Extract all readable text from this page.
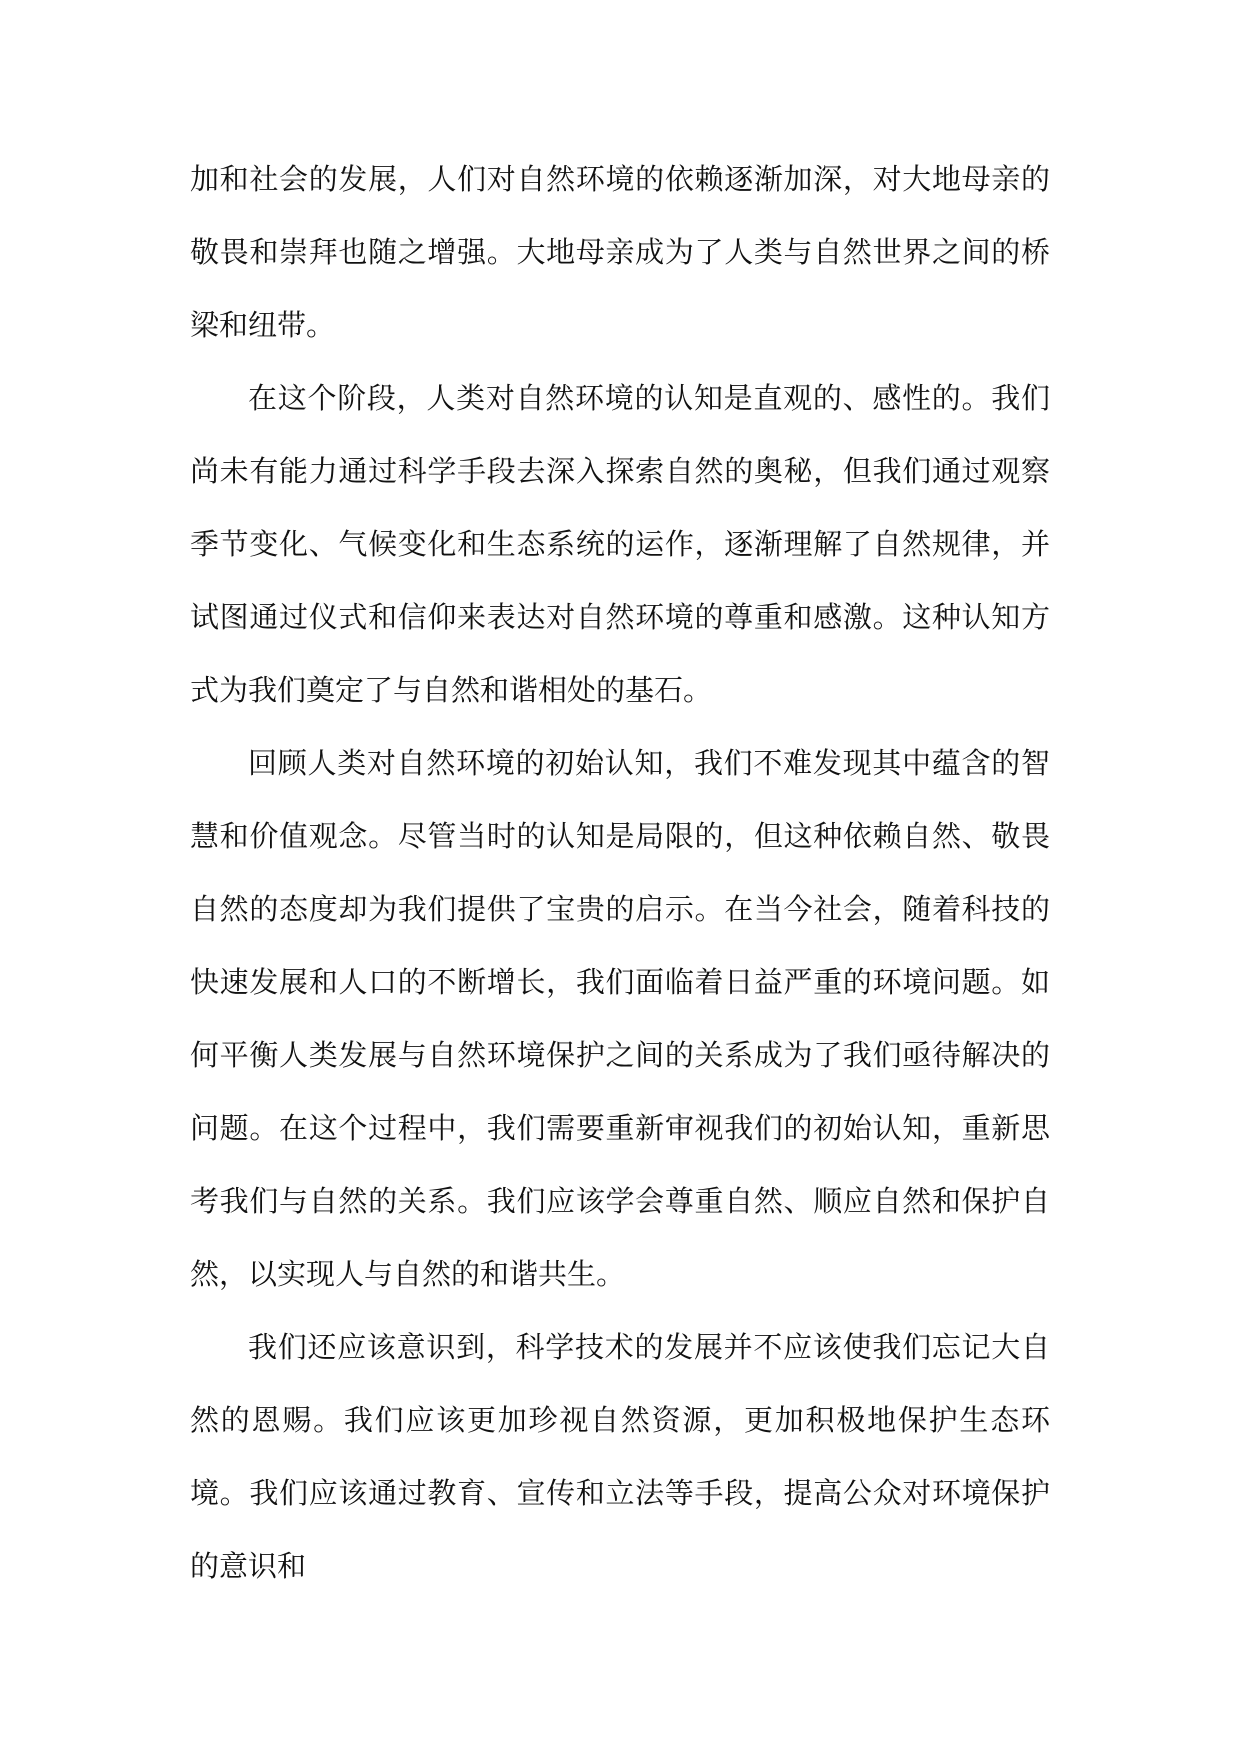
加和社会的发展，人们对自然环境的依赖逐渐加深，对大地母亲的敬畏和崇拜也随之增强。大地母亲成为了人类与自然世界之间的桥梁和纽带。

在这个阶段，人类对自然环境的认知是直观的、感性的。我们尚未有能力通过科学手段去深入探索自然的奥秘，但我们通过观察季节变化、气候变化和生态系统的运作，逐渐理解了自然规律，并试图通过仪式和信仰来表达对自然环境的尊重和感激。这种认知方式为我们奠定了与自然和谐相处的基石。

回顾人类对自然环境的初始认知，我们不难发现其中蕴含的智慧和价值观念。尽管当时的认知是局限的，但这种依赖自然、敬畏自然的态度却为我们提供了宝贵的启示。在当今社会，随着科技的快速发展和人口的不断增长，我们面临着日益严重的环境问题。如何平衡人类发展与自然环境保护之间的关系成为了我们亟待解决的问题。在这个过程中，我们需要重新审视我们的初始认知，重新思考我们与自然的关系。我们应该学会尊重自然、顺应自然和保护自然，以实现人与自然的和谐共生。

我们还应该意识到，科学技术的发展并不应该使我们忘记大自然的恩赐。我们应该更加珍视自然资源，更加积极地保护生态环境。我们应该通过教育、宣传和立法等手段，提高公众对环境保护的意识和
